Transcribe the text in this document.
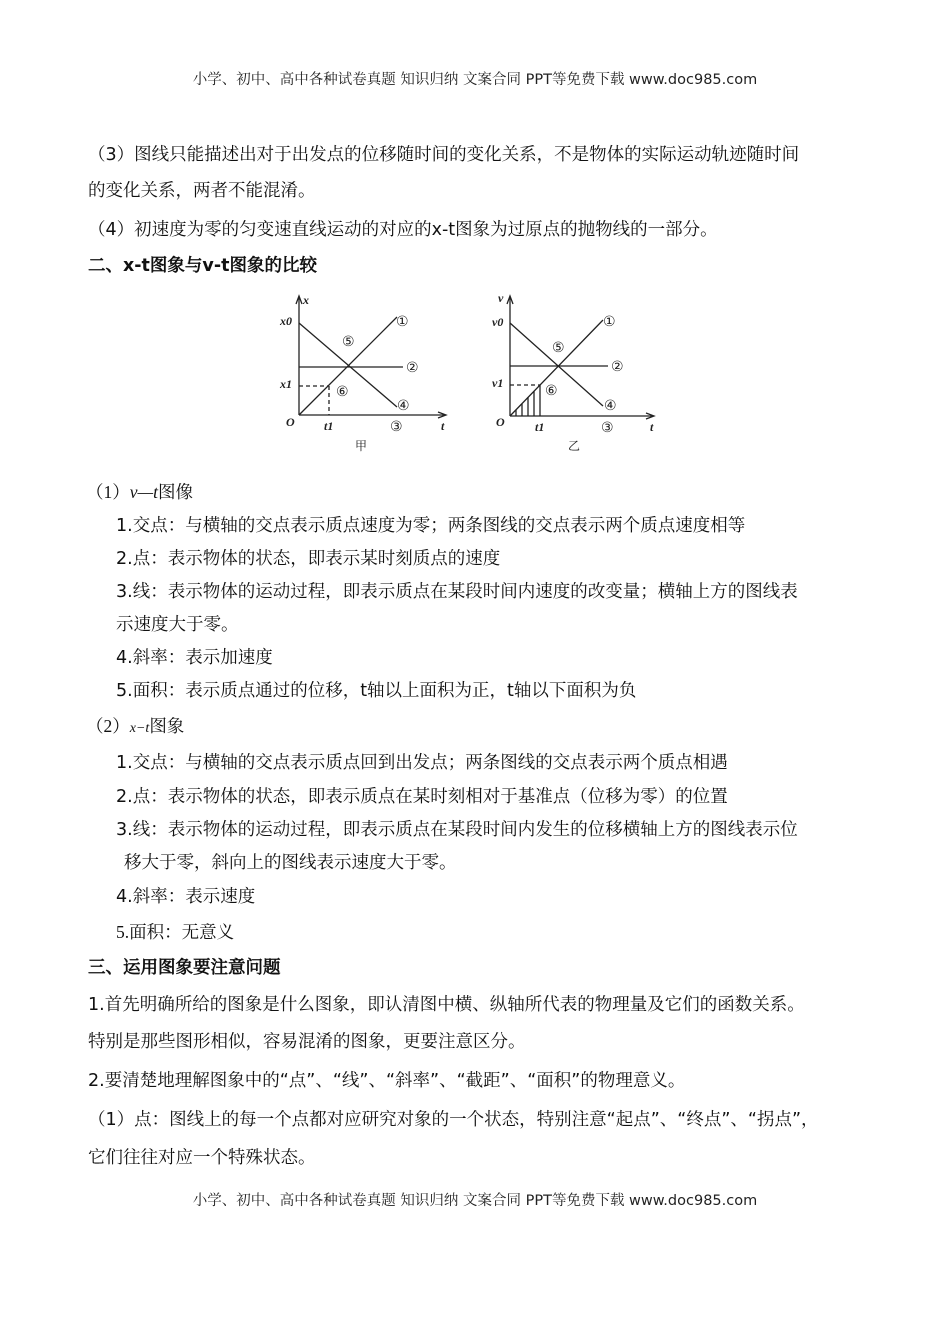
小学、初中、高中各种试卷真题 知识归纳 文案合同 PPT等免费下载 www.doc985.com
（3）图线只能描述出对于出发点的位移随时间的变化关系，不是物体的实际运动轨迹随时间
的变化关系，两者不能混淆。
（4）初速度为零的匀变速直线运动的对应的x-t图象为过原点的抛物线的一部分。
二、x-t图象与v-t图象的比较
x
x0
x1
O t1	t
甲
①
②
③
④
⑤
⑥
v
v0
v1
O	t1	t
乙
①
②
③
④
⑤
⑥
（1）v—t图像
1.交点：与横轴的交点表示质点速度为零；两条图线的交点表示两个质点速度相等
2.点：表示物体的状态，即表示某时刻质点的速度
3.线：表示物体的运动过程，即表示质点在某段时间内速度的改变量；横轴上方的图线表
示速度大于零。
4.斜率：表示加速度
5.面积：表示质点通过的位移，t轴以上面积为正，t轴以下面积为负
（2）x−t图象
1.交点：与横轴的交点表示质点回到出发点；两条图线的交点表示两个质点相遇
2.点：表示物体的状态，即表示质点在某时刻相对于基准点（位移为零）的位置
3.线：表示物体的运动过程，即表示质点在某段时间内发生的位移横轴上方的图线表示位
移大于零，斜向上的图线表示速度大于零。
4.斜率：表示速度
5.面积：无意义
三、运用图象要注意问题
1.首先明确所给的图象是什么图象，即认清图中横、纵轴所代表的物理量及它们的函数关系。
特别是那些图形相似，容易混淆的图象，更要注意区分。
2.要清楚地理解图象中的“点”、“线”、“斜率”、“截距”、“面积”的物理意义。
（1）点：图线上的每一个点都对应研究对象的一个状态，特别注意“起点”、“终点”、“拐点”，
它们往往对应一个特殊状态。
小学、初中、高中各种试卷真题 知识归纳 文案合同 PPT等免费下载 www.doc985.com
